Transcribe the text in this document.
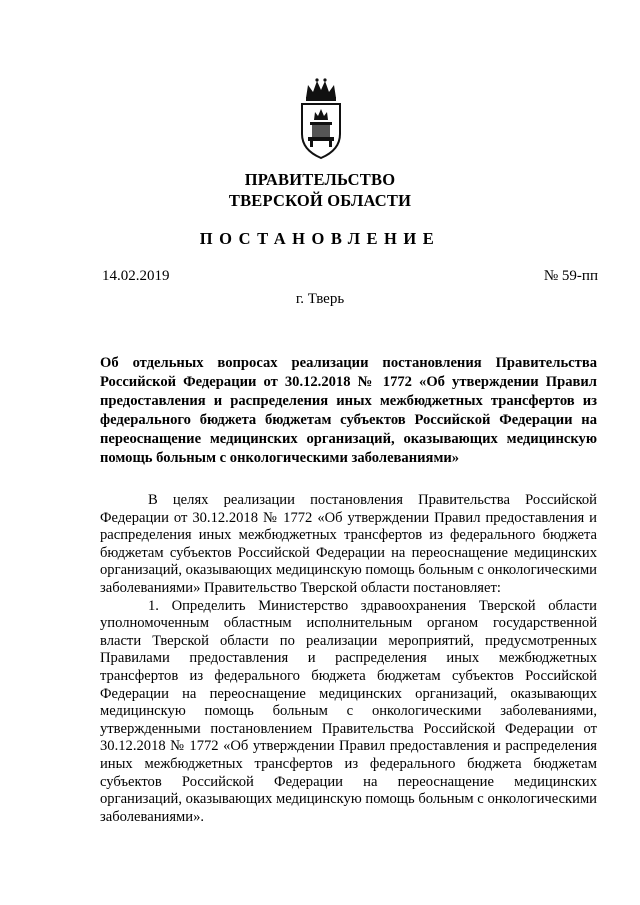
ПРАВИТЕЛЬСТВО
ТВЕРСКОЙ ОБЛАСТИ
ПОСТАНОВЛЕНИЕ
14.02.2019	№ 59-пп
г. Тверь
Об отдельных вопросах реализации постановления Правительства Российской Федерации от 30.12.2018 № 1772 «Об утверждении Правил предоставления и распределения иных межбюджетных трансфертов из федерального бюджета бюджетам субъектов Российской Федерации на переоснащение медицинских организаций, оказывающих медицинскую помощь больным с онкологическими заболеваниями»

В целях реализации постановления Правительства Российской Федерации от 30.12.2018 № 1772 «Об утверждении Правил предоставления и распределения иных межбюджетных трансфертов из федерального бюджета бюджетам субъектов Российской Федерации на переоснащение медицинских организаций, оказывающих медицинскую помощь больным с онкологическими заболеваниями» Правительство Тверской области постановляет:

1. Определить Министерство здравоохранения Тверской области уполномоченным областным исполнительным органом государственной власти Тверской области по реализации мероприятий, предусмотренных Правилами предоставления и распределения иных межбюджетных трансфертов из федерального бюджета бюджетам субъектов Российской Федерации на переоснащение медицинских организаций, оказывающих медицинскую помощь больным с онкологическими заболеваниями, утвержденными постановлением Правительства Российской Федерации от 30.12.2018 № 1772 «Об утверждении Правил предоставления и распределения иных межбюджетных трансфертов из федерального бюджета бюджетам субъектов Российской Федерации на переоснащение медицинских организаций, оказывающих медицинскую помощь больным с онкологическими заболеваниями».
